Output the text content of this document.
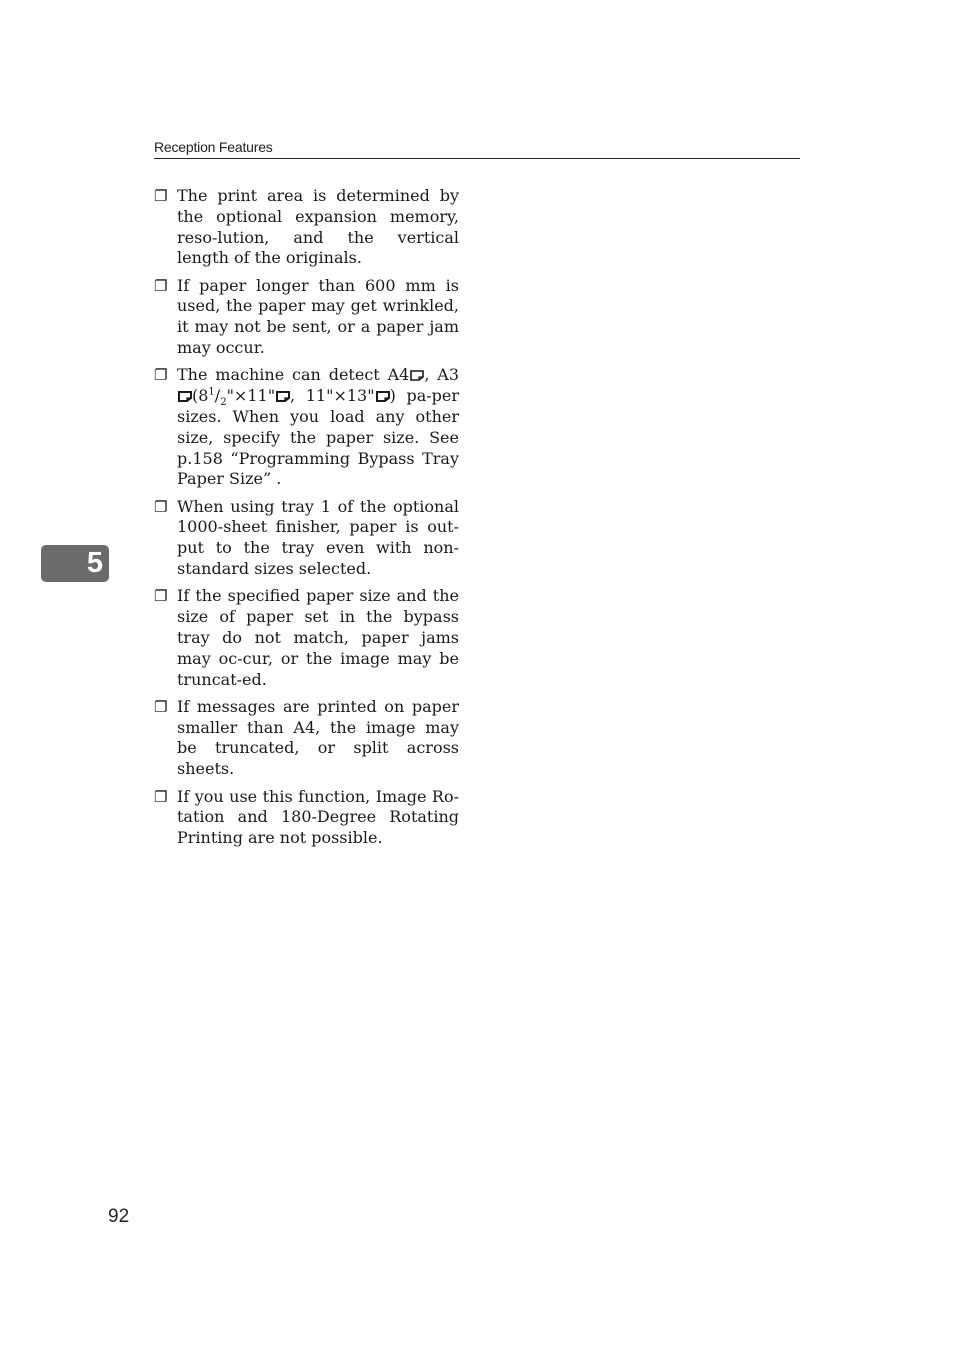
Reception Features
❐ The print area is determined by the optional expansion memory, reso-lution, and the vertical length of the originals.
❐ If paper longer than 600 mm is used, the paper may get wrinkled, it may not be sent, or a paper jam may occur.
❐ The machine can detect A4 , A3
($8^1/_2"\times 11$" , 11"×13" ) pa-per sizes. When you load any other size, specify the paper size. See p.158 “Programming Bypass Tray Paper Size” .
❐ When using tray 1 of the optional 1000-sheet finisher, paper is out-put to the tray even with non-standard sizes selected.
❐ If the specified paper size and the size of paper set in the bypass tray do not match, paper jams may oc-cur, or the image may be truncat-ed.
❐ If messages are printed on paper smaller than A4, the image may be truncated, or split across sheets.
❐ If you use this function, Image Ro-tation and 180-Degree Rotating Printing are not possible.
5
92
